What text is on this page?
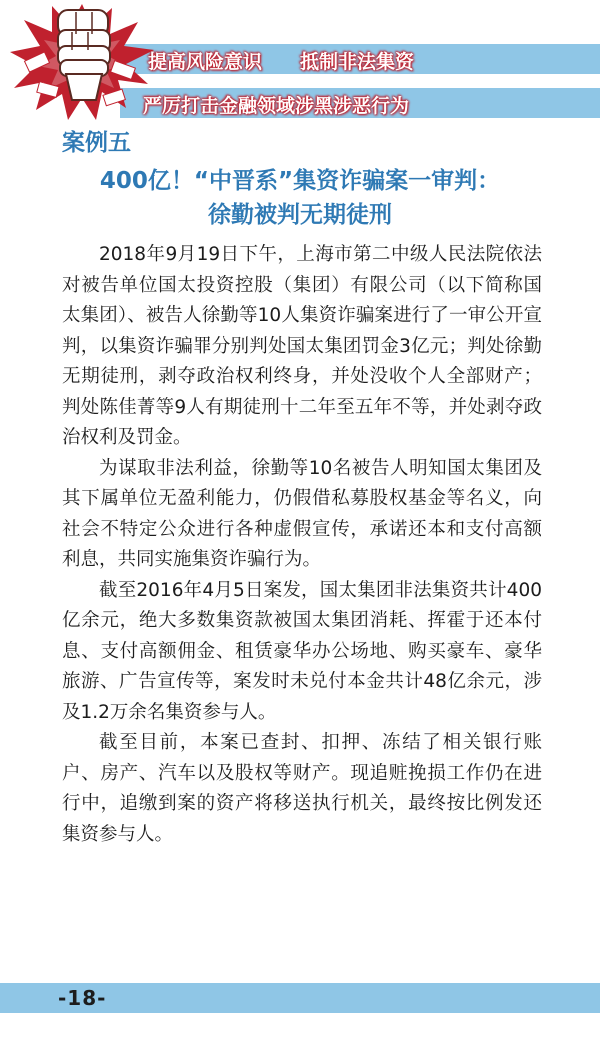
提高风险意识 抵制非法集资
严厉打击金融领域涉黑涉恶行为
案例五
400亿！“中晋系”集资诈骗案一审判：
徐勤被判无期徒刑

2018年9月19日下午，上海市第二中级人民法院依法对被告单位国太投资控股（集团）有限公司（以下简称国太集团）、被告人徐勤等10人集资诈骗案进行了一审公开宣判，以集资诈骗罪分别判处国太集团罚金3亿元；判处徐勤无期徒刑，剥夺政治权利终身，并处没收个人全部财产；判处陈佳菁等9人有期徒刑十二年至五年不等，并处剥夺政治权利及罚金。

为谋取非法利益，徐勤等10名被告人明知国太集团及其下属单位无盈利能力，仍假借私募股权基金等名义，向社会不特定公众进行各种虚假宣传，承诺还本和支付高额利息，共同实施集资诈骗行为。

截至2016年4月5日案发，国太集团非法集资共计400亿余元，绝大多数集资款被国太集团消耗、挥霍于还本付息、支付高额佣金、租赁豪华办公场地、购买豪车、豪华旅游、广告宣传等，案发时未兑付本金共计48亿余元，涉及1.2万余名集资参与人。

截至目前，本案已查封、扣押、冻结了相关银行账户、房产、汽车以及股权等财产。现追赃挽损工作仍在进行中，追缴到案的资产将移送执行机关，最终按比例发还集资参与人。

-18-
